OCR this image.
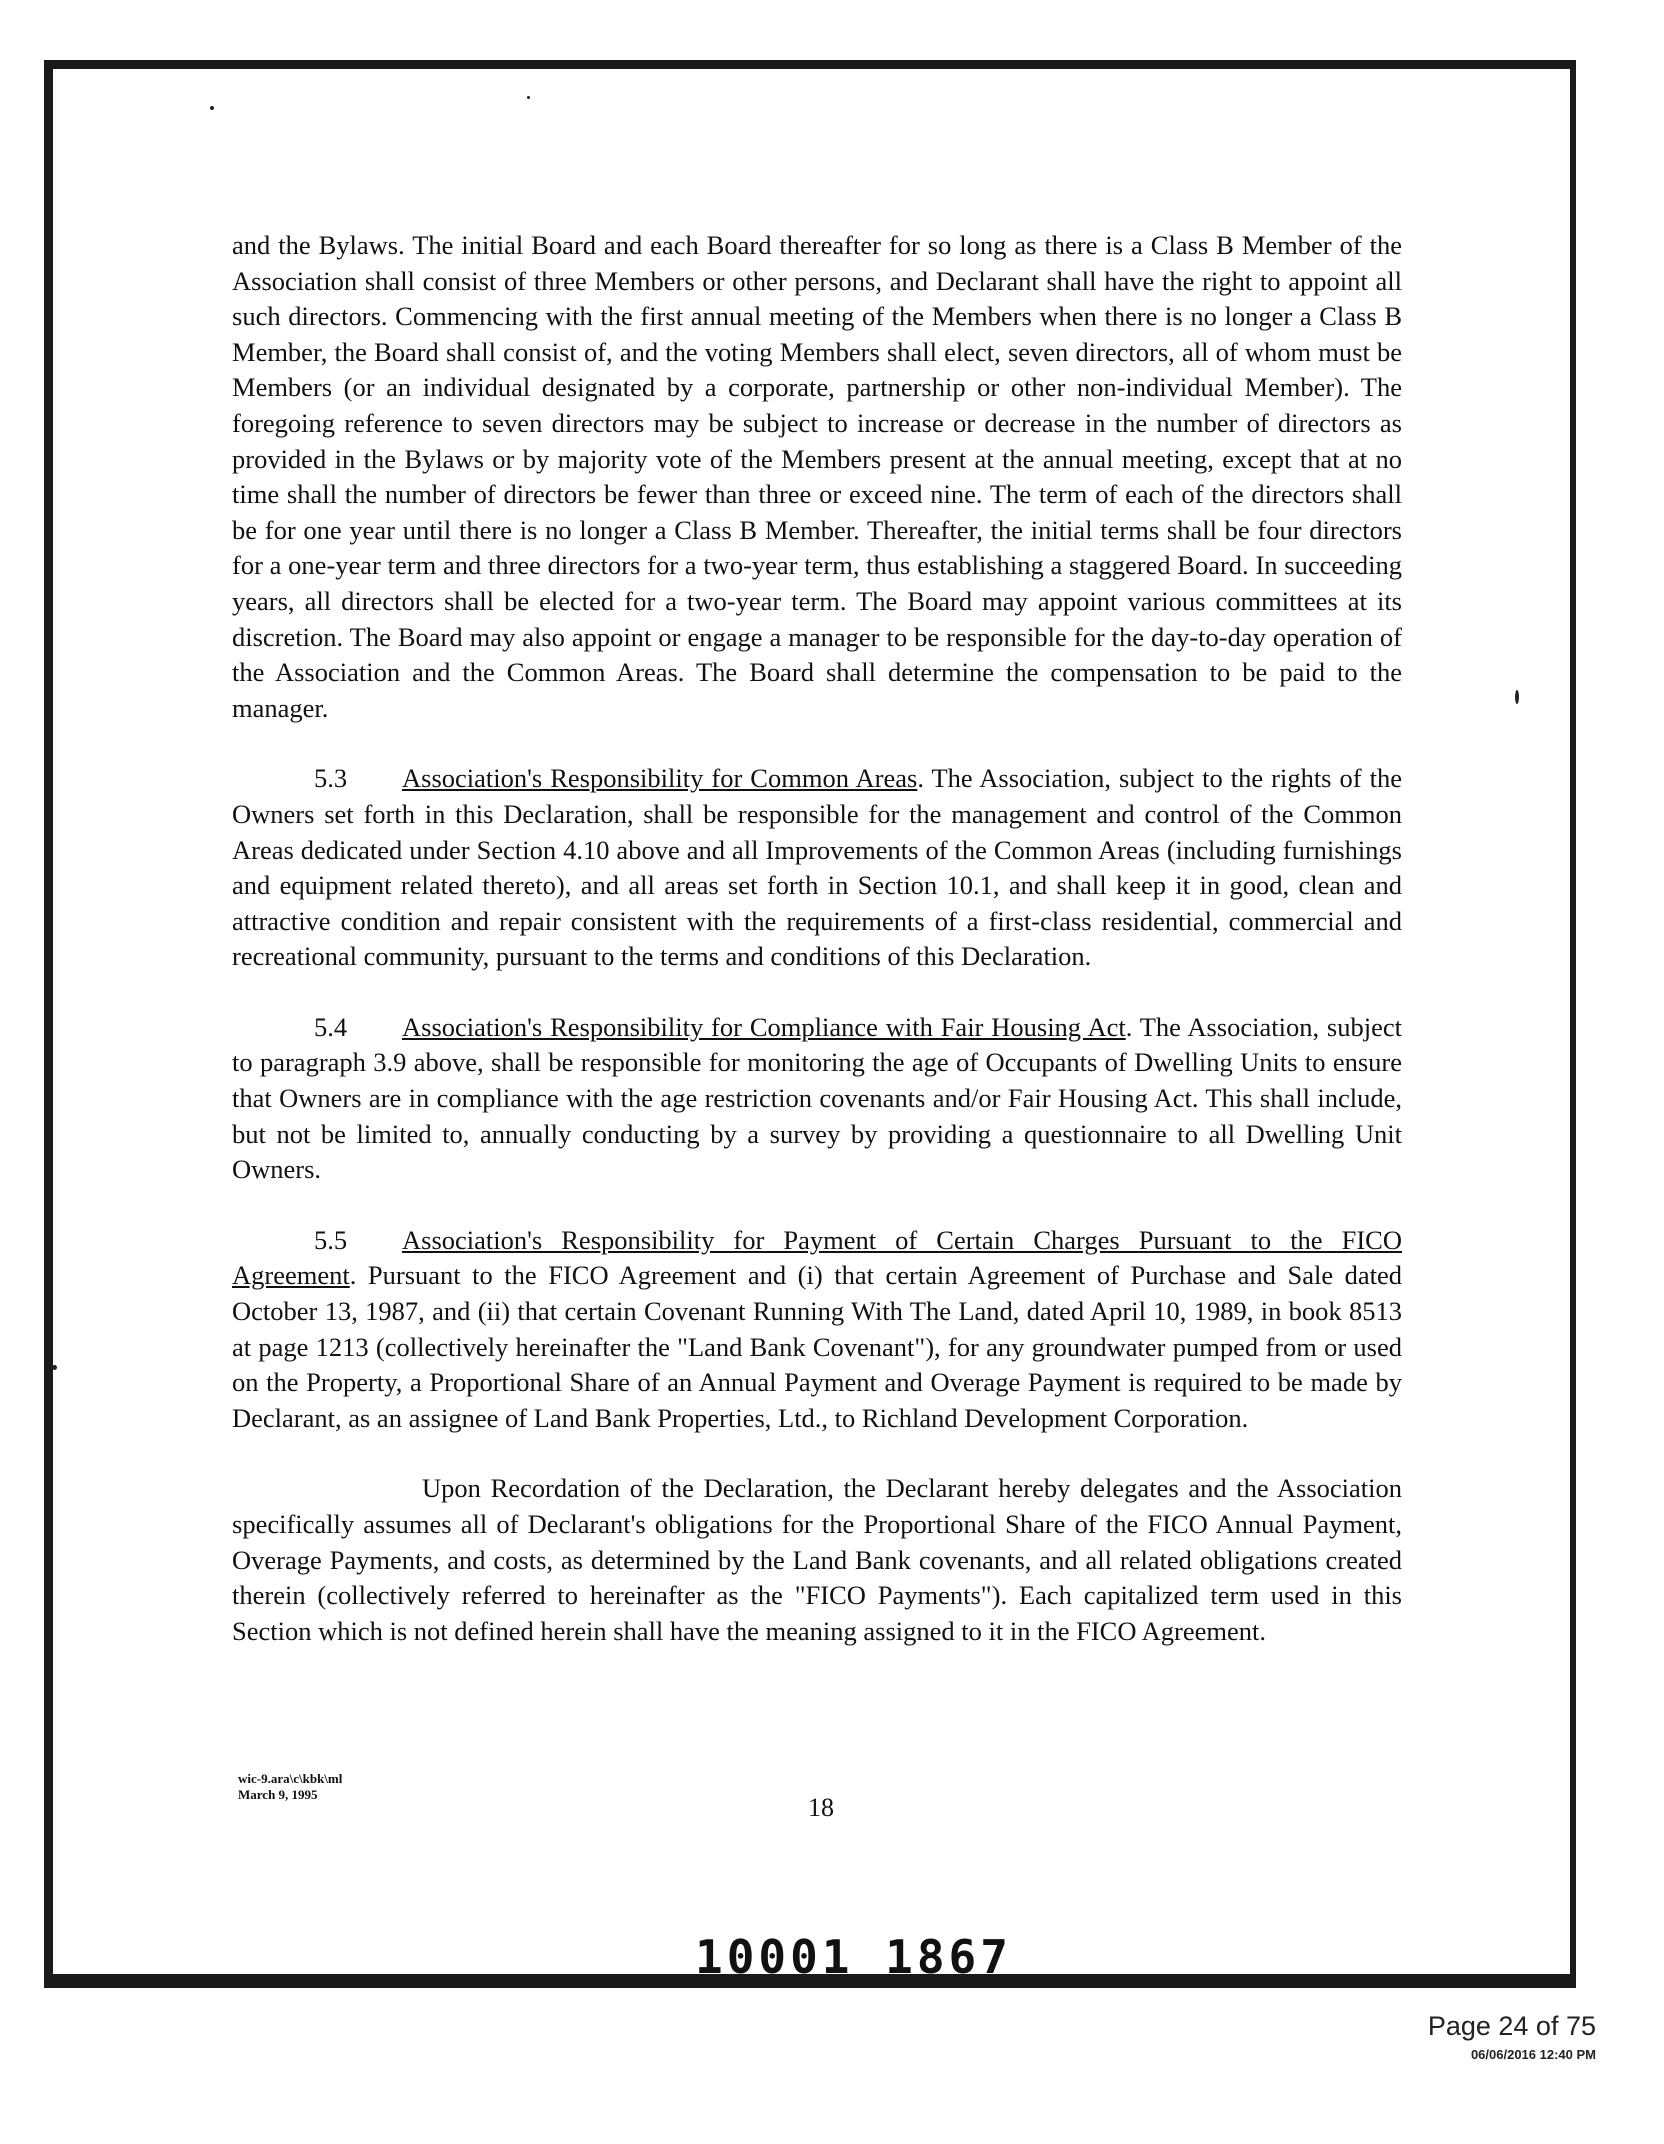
and the Bylaws. The initial Board and each Board thereafter for so long as there is a Class B Member of the Association shall consist of three Members or other persons, and Declarant shall have the right to appoint all such directors. Commencing with the first annual meeting of the Members when there is no longer a Class B Member, the Board shall consist of, and the voting Members shall elect, seven directors, all of whom must be Members (or an individual designated by a corporate, partnership or other non-individual Member). The foregoing reference to seven directors may be subject to increase or decrease in the number of directors as provided in the Bylaws or by majority vote of the Members present at the annual meeting, except that at no time shall the number of directors be fewer than three or exceed nine. The term of each of the directors shall be for one year until there is no longer a Class B Member. Thereafter, the initial terms shall be four directors for a one-year term and three directors for a two-year term, thus establishing a staggered Board. In succeeding years, all directors shall be elected for a two-year term. The Board may appoint various committees at its discretion. The Board may also appoint or engage a manager to be responsible for the day-to-day operation of the Association and the Common Areas. The Board shall determine the compensation to be paid to the manager.

5.3 Association's Responsibility for Common Areas. The Association, subject to the rights of the Owners set forth in this Declaration, shall be responsible for the management and control of the Common Areas dedicated under Section 4.10 above and all Improvements of the Common Areas (including furnishings and equipment related thereto), and all areas set forth in Section 10.1, and shall keep it in good, clean and attractive condition and repair consistent with the requirements of a first-class residential, commercial and recreational community, pursuant to the terms and conditions of this Declaration.

5.4 Association's Responsibility for Compliance with Fair Housing Act. The Association, subject to paragraph 3.9 above, shall be responsible for monitoring the age of Occupants of Dwelling Units to ensure that Owners are in compliance with the age restriction covenants and/or Fair Housing Act. This shall include, but not be limited to, annually conducting by a survey by providing a questionnaire to all Dwelling Unit Owners.

5.5 Association's Responsibility for Payment of Certain Charges Pursuant to the FICO Agreement. Pursuant to the FICO Agreement and (i) that certain Agreement of Purchase and Sale dated October 13, 1987, and (ii) that certain Covenant Running With The Land, dated April 10, 1989, in book 8513 at page 1213 (collectively hereinafter the "Land Bank Covenant"), for any groundwater pumped from or used on the Property, a Proportional Share of an Annual Payment and Overage Payment is required to be made by Declarant, as an assignee of Land Bank Properties, Ltd., to Richland Development Corporation.

Upon Recordation of the Declaration, the Declarant hereby delegates and the Association specifically assumes all of Declarant's obligations for the Proportional Share of the FICO Annual Payment, Overage Payments, and costs, as determined by the Land Bank covenants, and all related obligations created therein (collectively referred to hereinafter as the "FICO Payments"). Each capitalized term used in this Section which is not defined herein shall have the meaning assigned to it in the FICO Agreement.

wic-9.ara\c\kbk\ml
March 9, 1995	18
10001 1867
Page 24 of 75
06/06/2016 12:40 PM
